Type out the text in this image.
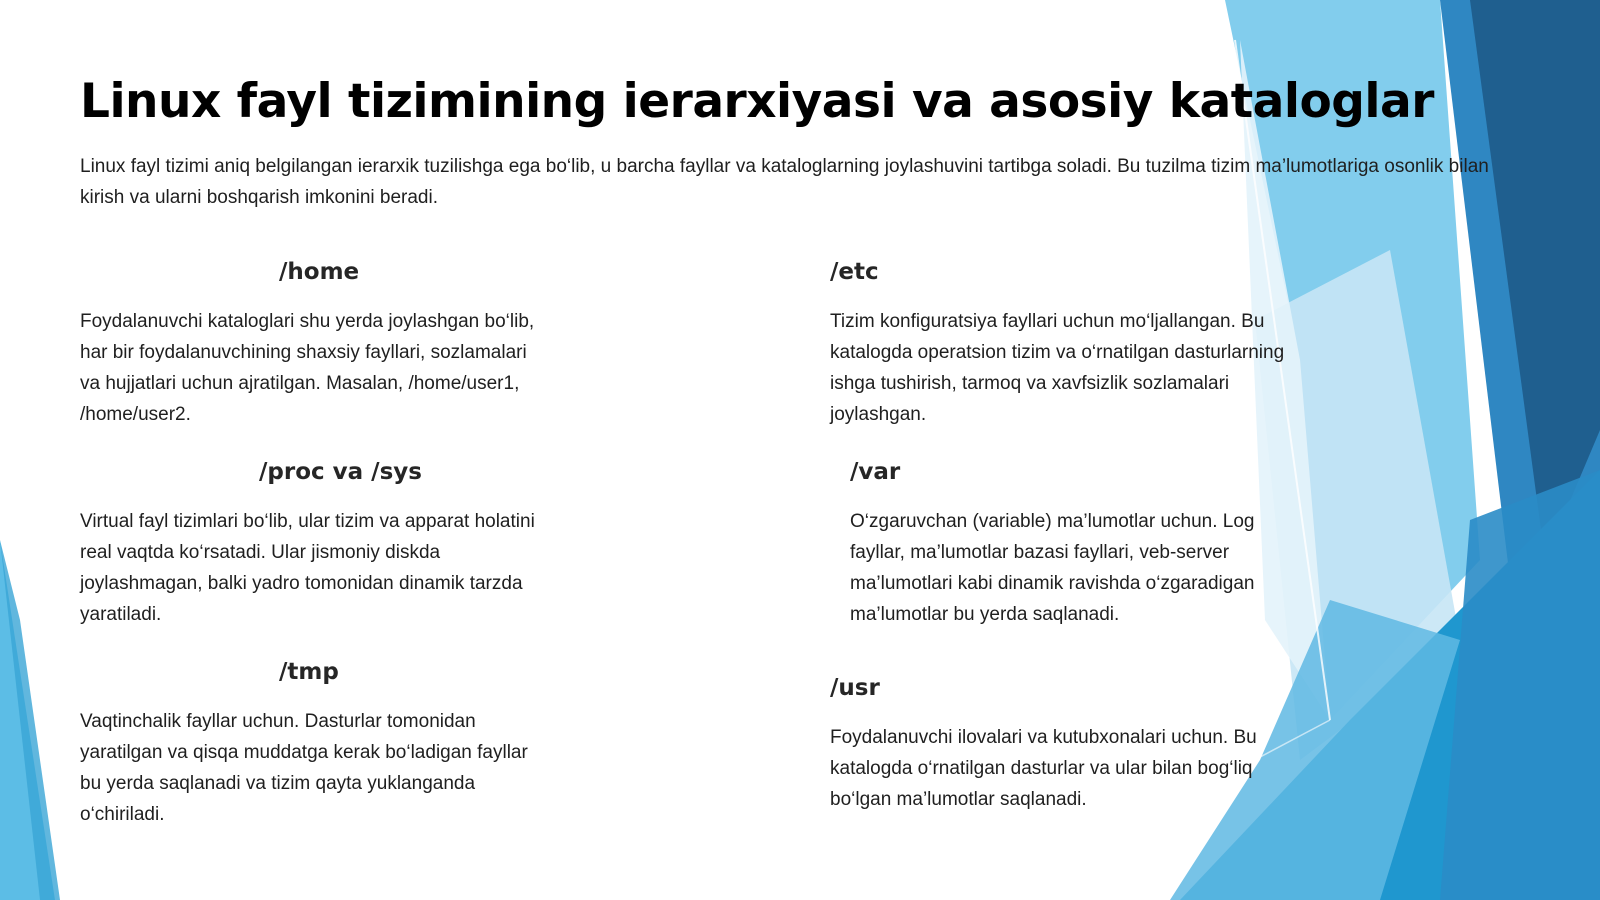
Linux fayl tizimining ierarxiyasi va asosiy kataloglar

Linux fayl tizimi aniq belgilangan ierarxik tuzilishga ega bo‘lib, u barcha fayllar va kataloglarning joylashuvini tartibga soladi. Bu tuzilma tizim ma’lumotlariga osonlik bilan kirish va ularni boshqarish imkonini beradi.

/home

Foydalanuvchi kataloglari shu yerda joylashgan bo‘lib, har bir foydalanuvchining shaxsiy fayllari, sozlamalari va hujjatlari uchun ajratilgan. Masalan, /home/user1, /home/user2.

/proc va /sys

Virtual fayl tizimlari bo‘lib, ular tizim va apparat holatini real vaqtda ko‘rsatadi. Ular jismoniy diskda joylashmagan, balki yadro tomonidan dinamik tarzda yaratiladi.

/tmp

Vaqtinchalik fayllar uchun. Dasturlar tomonidan yaratilgan va qisqa muddatga kerak bo‘ladigan fayllar bu yerda saqlanadi va tizim qayta yuklanganda o‘chiriladi.

/etc

Tizim konfiguratsiya fayllari uchun mo‘ljallangan. Bu katalogda operatsion tizim va o‘rnatilgan dasturlarning ishga tushirish, tarmoq va xavfsizlik sozlamalari joylashgan.

/var

O‘zgaruvchan (variable) ma’lumotlar uchun. Log fayllar, ma’lumotlar bazasi fayllari, veb-server ma’lumotlari kabi dinamik ravishda o‘zgaradigan ma’lumotlar bu yerda saqlanadi.

/usr

Foydalanuvchi ilovalari va kutubxonalari uchun. Bu katalogda o‘rnatilgan dasturlar va ular bilan bog‘liq bo‘lgan ma’lumotlar saqlanadi.
